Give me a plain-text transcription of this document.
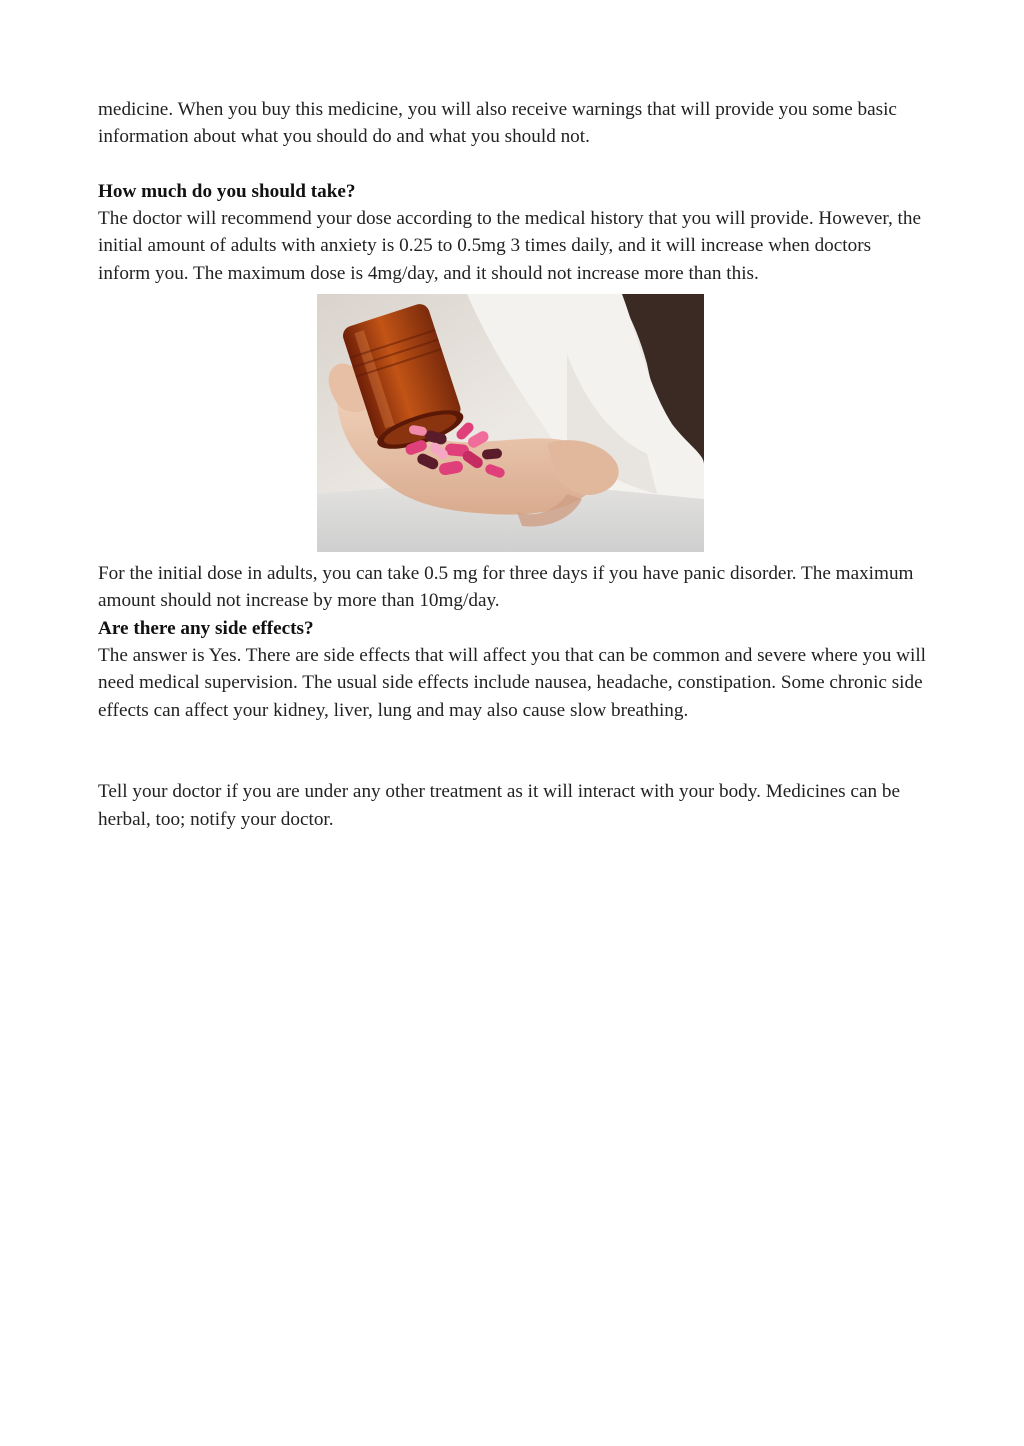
medicine. When you buy this medicine, you will also receive warnings that will provide you some basic information about what you should do and what you should not.

How much do you should take?

The doctor will recommend your dose according to the medical history that you will provide. However, the initial amount of adults with anxiety is 0.25 to 0.5mg 3 times daily, and it will increase when doctors inform you. The maximum dose is 4mg/day, and it should not increase more than this.

For the initial dose in adults, you can take 0.5 mg for three days if you have panic disorder. The maximum amount should not increase by more than 10mg/day.

Are there any side effects?

The answer is Yes. There are side effects that will affect you that can be common and severe where you will need medical supervision. The usual side effects include nausea, headache, constipation. Some chronic side effects can affect your kidney, liver, lung and may also cause slow breathing.

Tell your doctor if you are under any other treatment as it will interact with your body. Medicines can be herbal, too; notify your doctor.
